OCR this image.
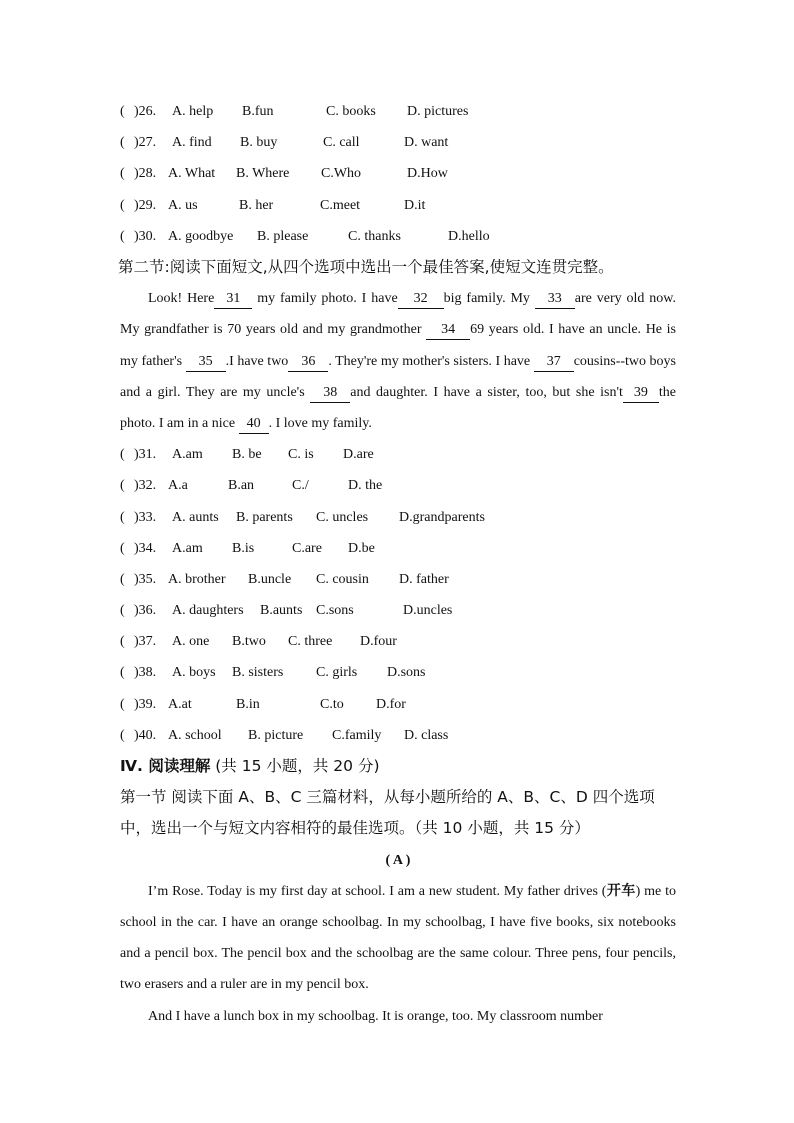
( )26. A. help B.fun	C. books D. pictures
( )27. A. find B. buy	C. call	D. want
( )28. A. What B. Where C.Who	D.How
( )29. A. us	B. her	C.meet	D.it
( )30. A. goodbye B. please	C. thanks	D.hello
第二节:阅读下面短文,从四个选项中选出一个最佳答案,使短文连贯完整。

Look! Here 31 my family photo. I have 32 big family. My 33 are very old now. My grandfather is 70 years old and my grandmother 34 69 years old. I have an uncle. He is my father's 35 .I have two 36 . They're my mother's sisters. I have 37 cousins--two boys and a girl. They are my uncle's 38 and daughter. I have a sister, too, but she isn't 39 the photo. I am in a nice 40 . I love my family.

( )31. A.am B. be C. is D.are
( )32. A.a	B.an	C./	D. the
( )33. A. aunts B. parents C. uncles D.grandparents
( )34. A.am B.is	C.are D.be
( )35. A. brother B.uncle C. cousin D. father
( )36. A. daughters B.aunts C.sons	D.uncles
( )37. A. one B.two C. three D.four
( )38. A. boys B. sisters C. girls D.sons
( )39. A.at	B.in	C.to D.for
( )40. A. school B. picture C.family D. class
Ⅳ. 阅读理解 (共 15 小题，共 20 分)
第一节 阅读下面 A、B、C 三篇材料，从每小题所给的 A、B、C、D 四个选项
中，选出一个与短文内容相符的最佳选项。（共 10 小题，共 15 分）
( A )

I’m Rose. Today is my first day at school. I am a new student. My father drives (开车) me to school in the car. I have an orange schoolbag. In my schoolbag, I have five books, six notebooks and a pencil box. The pencil box and the schoolbag are the same colour. Three pens, four pencils, two erasers and a ruler are in my pencil box.

And I have a lunch box in my schoolbag. It is orange, too. My classroom number
